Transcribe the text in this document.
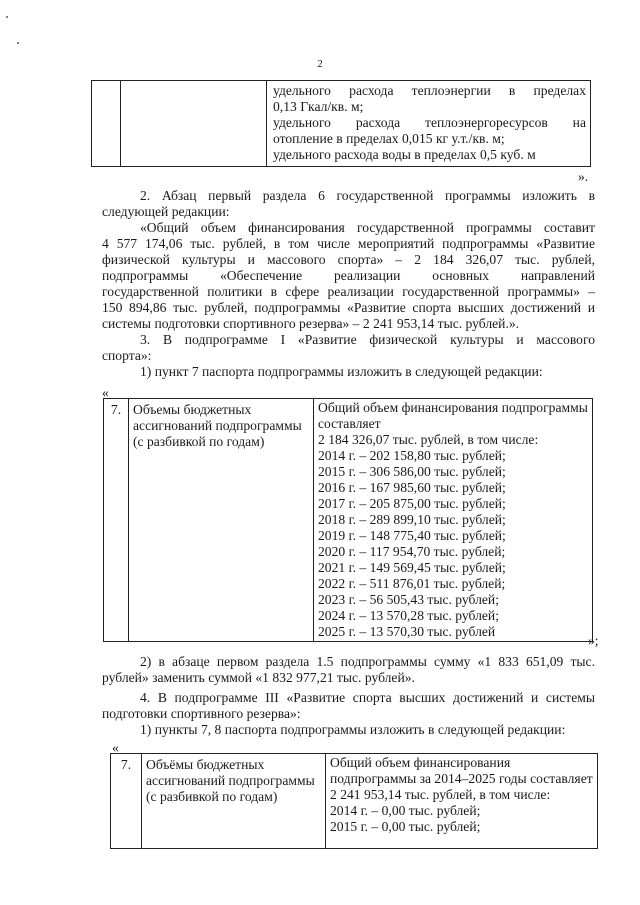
2

удельного расхода теплоэнергии в пределах
0,13 Гкал/кв. м;
удельного расхода теплоэнергоресурсов на
отопление в пределах 0,015 кг у.т./кв. м;
удельного расхода воды в пределах 0,5 куб. м
».
2. Абзац первый раздела 6 государственной программы изложить в
следующей редакции:
«Общий объем финансирования государственной программы составит
4 577 174,06 тыс. рублей, в том числе мероприятий подпрограммы «Развитие
физической культуры и массового спорта» – 2 184 326,07 тыс. рублей,
подпрограммы «Обеспечение реализации основных направлений
государственной политики в сфере реализации государственной программы» –
150 894,86 тыс. рублей, подпрограммы «Развитие спорта высших достижений и
системы подготовки спортивного резерва» – 2 241 953,14 тыс. рублей.».
3. В подпрограмме I «Развитие физической культуры и массового
спорта»:
1) пункт 7 паспорта подпрограммы изложить в следующей редакции:
«
7.	Объемы бюджетных ассигнований подпрограммы (с разбивкой по годам)

Общий объем финансирования подпрограммы
составляет
2 184 326,07 тыс. рублей, в том числе:
2014 г. – 202 158,80 тыс. рублей;
2015 г. – 306 586,00 тыс. рублей;
2016 г. – 167 985,60 тыс. рублей;
2017 г. – 205 875,00 тыс. рублей;
2018 г. – 289 899,10 тыс. рублей;
2019 г. – 148 775,40 тыс. рублей;
2020 г. – 117 954,70 тыс. рублей;
2021 г. – 149 569,45 тыс. рублей;
2022 г. – 511 876,01 тыс. рублей;
2023 г. – 56 505,43 тыс. рублей;
2024 г. – 13 570,28 тыс. рублей;
2025 г. – 13 570,30 тыс. рублей
»;
2) в абзаце первом раздела 1.5 подпрограммы сумму «1 833 651,09 тыс.
рублей» заменить суммой «1 832 977,21 тыс. рублей».
4. В подпрограмме III «Развитие спорта высших достижений и системы
подготовки спортивного резерва»:
1) пункты 7, 8 паспорта подпрограммы изложить в следующей редакции:
«
7.	Объёмы бюджетных ассигнований подпрограммы (с разбивкой по годам)

Общий объем финансирования
подпрограммы за 2014–2025 годы составляет
2 241 953,14 тыс. рублей, в том числе:
2014 г. – 0,00 тыс. рублей;
2015 г. – 0,00 тыс. рублей;
